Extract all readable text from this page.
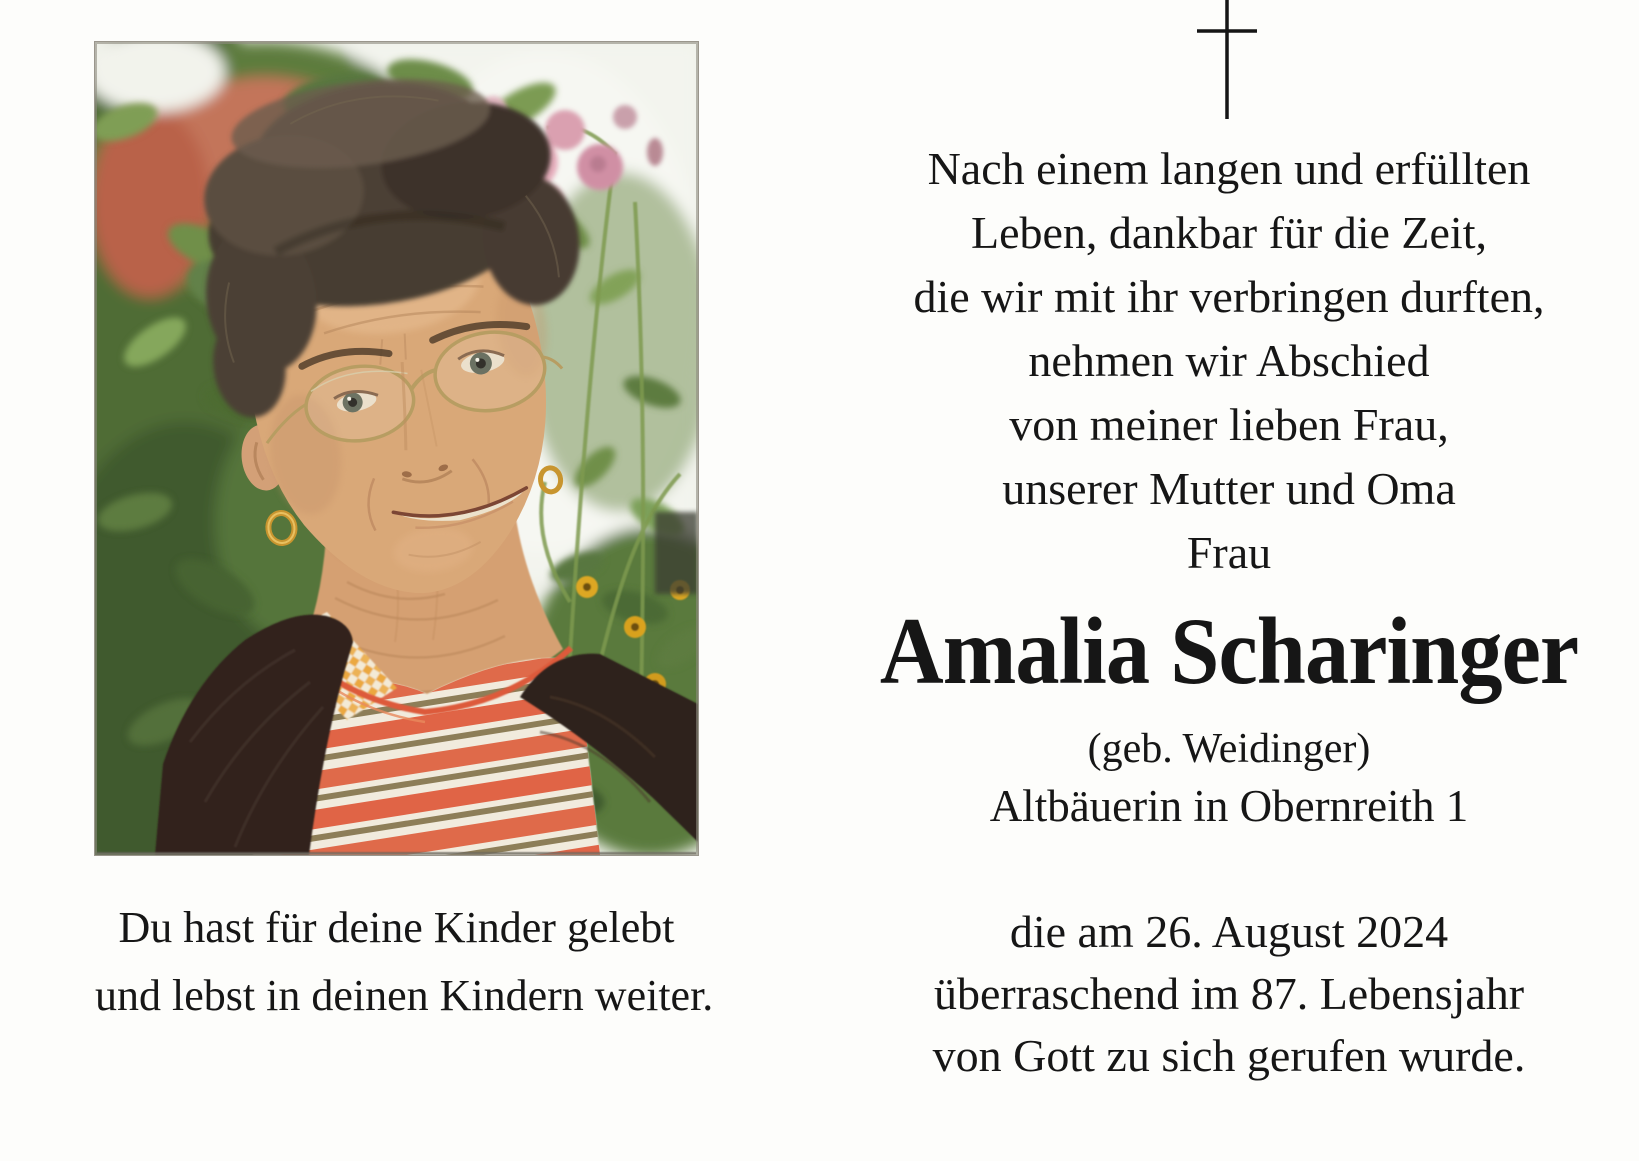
Du hast für deine Kinder gelebt
und lebst in deinen Kindern weiter.
Nach einem langen und erfüllten
Leben, dankbar für die Zeit,
die wir mit ihr verbringen durften,
nehmen wir Abschied
von meiner lieben Frau,
unserer Mutter und Oma
Frau
Amalia Scharinger
(geb. Weidinger)
Altbäuerin in Obernreith 1
die am 26. August 2024
überraschend im 87. Lebensjahr
von Gott zu sich gerufen wurde.
